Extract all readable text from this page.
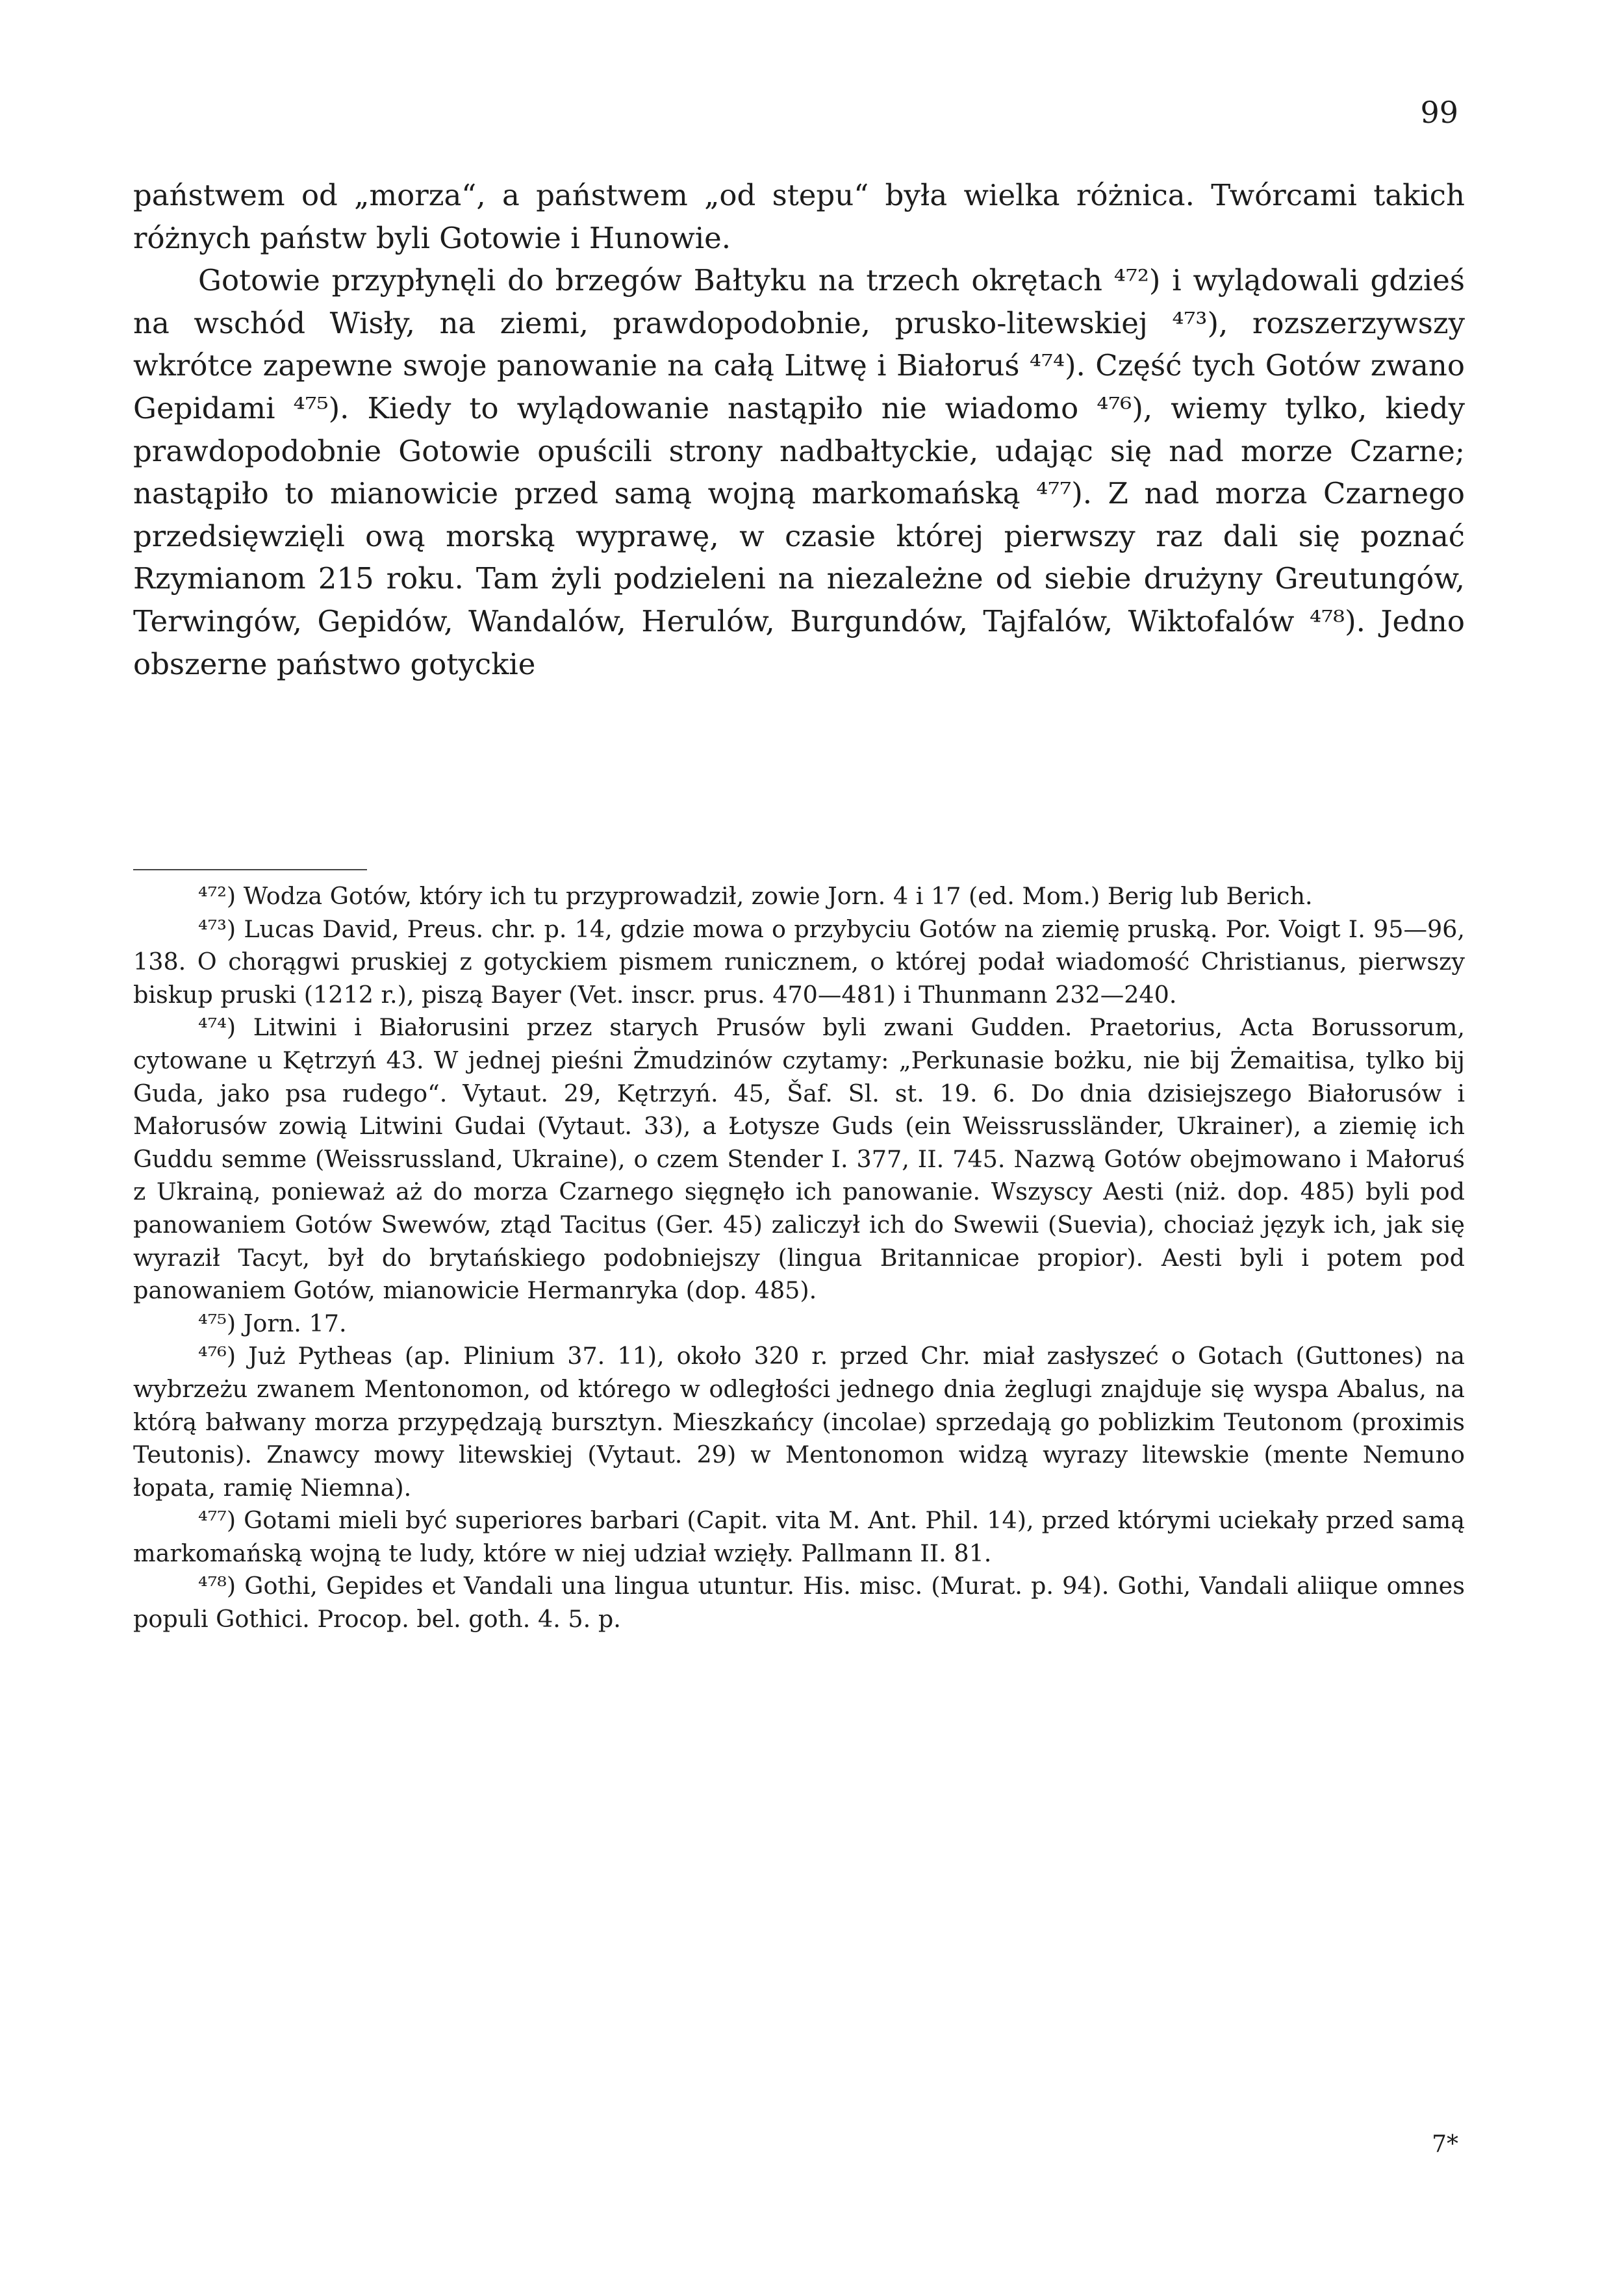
99

państwem od „morza“, a państwem „od stepu“ była wielka różnica. Twórcami takich różnych państw byli Gotowie i Hunowie.

Gotowie przypłynęli do brzegów Bałtyku na trzech okrętach ⁴⁷²) i wylądowali gdzieś na wschód Wisły, na ziemi, prawdopodobnie, prusko-litewskiej ⁴⁷³), rozszerzywszy wkrótce zapewne swoje panowanie na całą Litwę i Białoruś ⁴⁷⁴). Część tych Gotów zwano Gepidami ⁴⁷⁵). Kiedy to wylądowanie nastąpiło nie wiadomo ⁴⁷⁶), wiemy tylko, kiedy prawdopodobnie Gotowie opuścili strony nadbałtyckie, udając się nad morze Czarne; nastąpiło to mianowicie przed samą wojną markomańską ⁴⁷⁷). Z nad morza Czarnego przedsięwzięli ową morską wyprawę, w czasie której pierwszy raz dali się poznać Rzymianom 215 roku. Tam żyli podzieleni na niezależne od siebie drużyny Greutungów, Terwingów, Gepidów, Wandalów, Herulów, Burgundów, Tajfalów, Wiktofalów ⁴⁷⁸). Jedno obszerne państwo gotyckie

⁴⁷²) Wodza Gotów, który ich tu przyprowadził, zowie Jorn. 4 i 17 (ed. Mom.) Berig lub Berich.

⁴⁷³) Lucas David, Preus. chr. p. 14, gdzie mowa o przybyciu Gotów na ziemię pruską. Por. Voigt I. 95—96, 138. O chorągwi pruskiej z gotyckiem pismem runicznem, o której podał wiadomość Christianus, pierwszy biskup pruski (1212 r.), piszą Bayer (Vet. inscr. prus. 470—481) i Thunmann 232—240.

⁴⁷⁴) Litwini i Białorusini przez starych Prusów byli zwani Gudden. Praetorius, Acta Borussorum, cytowane u Kętrzyń 43. W jednej pieśni Żmudzinów czytamy: „Perkunasie bożku, nie bij Żemaitisa, tylko bij Guda, jako psa rudego“. Vytaut. 29, Kętrzyń. 45, Šaf. Sl. st. 19. 6. Do dnia dzisiejszego Białorusów i Małorusów zowią Litwini Gudai (Vytaut. 33), a Łotysze Guds (ein Weissrussländer, Ukrainer), a ziemię ich Guddu semme (Weissrussland, Ukraine), o czem Stender I. 377, II. 745. Nazwą Gotów obejmowano i Małoruś z Ukrainą, ponieważ aż do morza Czarnego sięgnęło ich panowanie. Wszyscy Aesti (niż. dop. 485) byli pod panowaniem Gotów Swewów, ztąd Tacitus (Ger. 45) zaliczył ich do Swewii (Suevia), chociaż język ich, jak się wyraził Tacyt, był do brytańskiego podobniejszy (lingua Britannicae propior). Aesti byli i potem pod panowaniem Gotów, mianowicie Hermanryka (dop. 485).

⁴⁷⁵) Jorn. 17.

⁴⁷⁶) Już Pytheas (ap. Plinium 37. 11), około 320 r. przed Chr. miał zasłyszeć o Gotach (Guttones) na wybrzeżu zwanem Mentonomon, od którego w odległości jednego dnia żeglugi znajduje się wyspa Abalus, na którą bałwany morza przypędzają bursztyn. Mieszkańcy (incolae) sprzedają go poblizkim Teutonom (proximis Teutonis). Znawcy mowy litewskiej (Vytaut. 29) w Mentonomon widzą wyrazy litewskie (mente Nemuno łopata, ramię Niemna).

⁴⁷⁷) Gotami mieli być superiores barbari (Capit. vita M. Ant. Phil. 14), przed którymi uciekały przed samą markomańską wojną te ludy, które w niej udział wzięły. Pallmann II. 81.

⁴⁷⁸) Gothi, Gepides et Vandali una lingua utuntur. His. misc. (Murat. p. 94). Gothi, Vandali aliique omnes populi Gothici. Procop. bel. goth. 4. 5. p.

7*
